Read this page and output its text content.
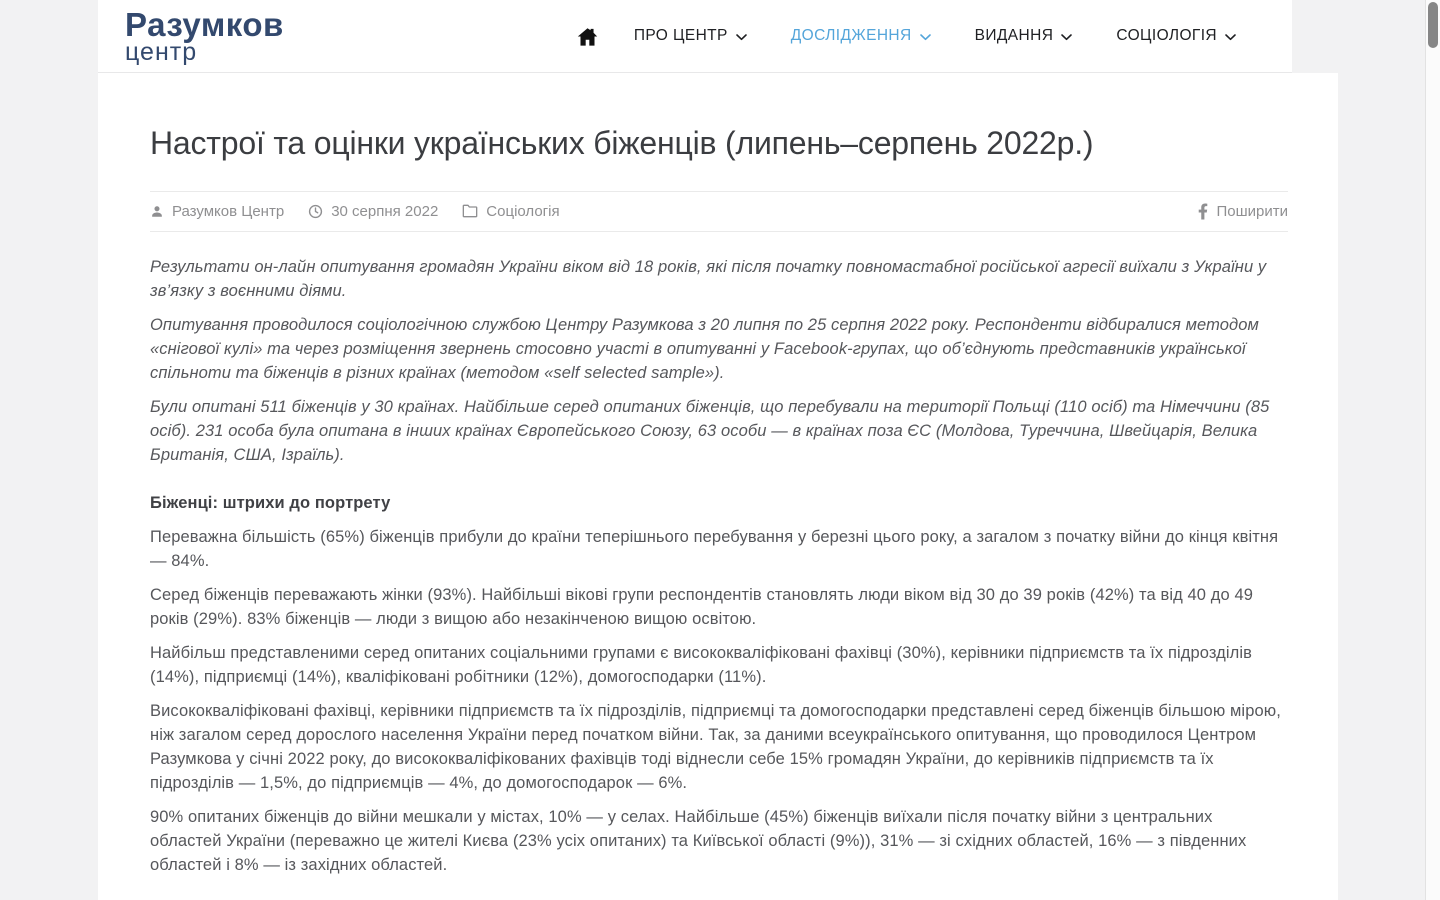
Разумков
центр
ПРО ЦЕНТР	ДОСЛІДЖЕННЯ	ВИДАННЯ	СОЦІОЛОГІЯ
Настрої та оцінки українських біженців (липень–серпень 2022р.)
Разумков Центр	30 серпня 2022	Соціологія	Поширити

Результати он-лайн опитування громадян України віком від 18 років, які після початку повномастабної російської агресії виїхали з України у зв’язку з воєнними діями.

Опитування проводилося соціологічною службою Центру Разумкова з 20 липня по 25 серпня 2022 року. Респонденти відбиралися методом «снігової кулі» та через розміщення звернень стосовно участі в опитуванні у Facebook-групах, що об’єднують представників української спільноти та біженців в різних країнах (методом «self selected sample»).

Були опитані 511 біженців у 30 країнах. Найбільше серед опитаних біженців, що перебували на території Польщі (110 осіб) та Німеччини (85 осіб). 231 особа була опитана в інших країнах Європейського Союзу, 63 особи — в країнах поза ЄС (Молдова, Туреччина, Швейцарія, Велика Британія, США, Ізраїль).

Біженці: штрихи до портрету

Переважна більшість (65%) біженців прибули до країни теперішнього перебування у березні цього року, а загалом з початку війни до кінця квітня — 84%.

Серед біженців переважають жінки (93%). Найбільші вікові групи респондентів становлять люди віком від 30 до 39 років (42%) та від 40 до 49 років (29%). 83% біженців — люди з вищою або незакінченою вищою освітою.

Найбільш представленими серед опитаних соціальними групами є висококваліфіковані фахівці (30%), керівники підприємств та їх підрозділів (14%), підприємці (14%), кваліфіковані робітники (12%), домогосподарки (11%).

Висококваліфіковані фахівці, керівники підприємств та їх підрозділів, підприємці та домогосподарки представлені серед біженців більшою мірою, ніж загалом серед дорослого населення України перед початком війни. Так, за даними всеукраїнського опитування, що проводилося Центром Разумкова у січні 2022 року, до висококваліфікованих фахівців тоді віднесли себе 15% громадян України, до керівників підприємств та їх підрозділів — 1,5%, до підприємців — 4%, до домогосподарок — 6%.

90% опитаних біженців до війни мешкали у містах, 10% — у селах. Найбільше (45%) біженців виїхали після початку війни з центральних областей України (переважно це жителі Києва (23% усіх опитаних) та Київської області (9%)), 31% — зі східних областей, 16% — з південних областей і 8% — із західних областей.
